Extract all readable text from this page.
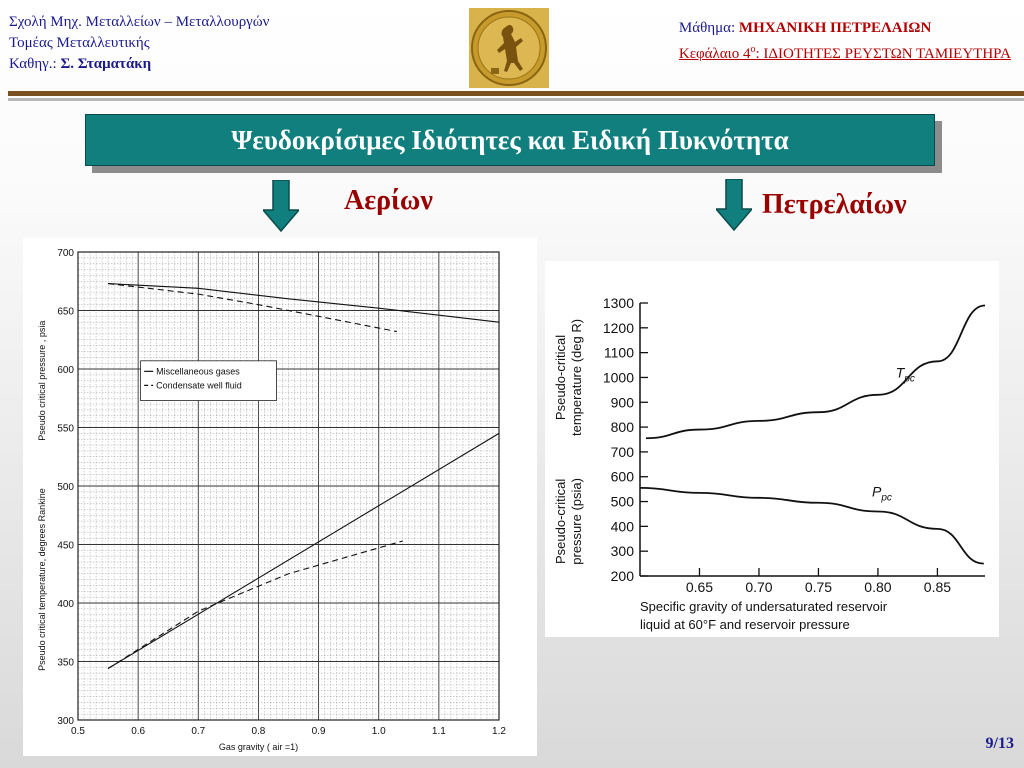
Σχολή Μηχ. Μεταλλείων – Μεταλλουργών
Τομέας Μεταλλευτικής
Καθηγ.: Σ. Σταματάκη
Μάθημα: ΜΗΧΑΝΙΚΗ ΠΕΤΡΕΛΑΙΩΝ
Κεφάλαιο $4^o$: ΙΔΙΟΤΗΤΕΣ ΡΕΥΣΤΩΝ ΤΑΜΙΕΥΤΗΡΑ
Ψευδοκρίσιμες Ιδιότητες και Ειδική Πυκνότητα
Αερίων	Πετρελαίων
0.5	0.6	0.7	0.8	0.9	1.0	1.1	1.2
300
350
400
450
500
550
600
650
700
Gas gravity ( air =1)
Pseudo critical pressure , psia
Pseudo critical temperature, degrees Rankine
Miscellaneous gases
Condensate well fluid
1300
1200
1100
1000
900
800
700
600
500
400
300
200
0.65 0.70 0.75 0.80 0.85
Specific gravity of undersaturated reservoir
liquid at 60°F and reservoir pressure
Pseudo-critical temperature (deg R)
Pseudo-critical pressure (psia)
$T_{pc}$
$P_{pc}$
9/13
